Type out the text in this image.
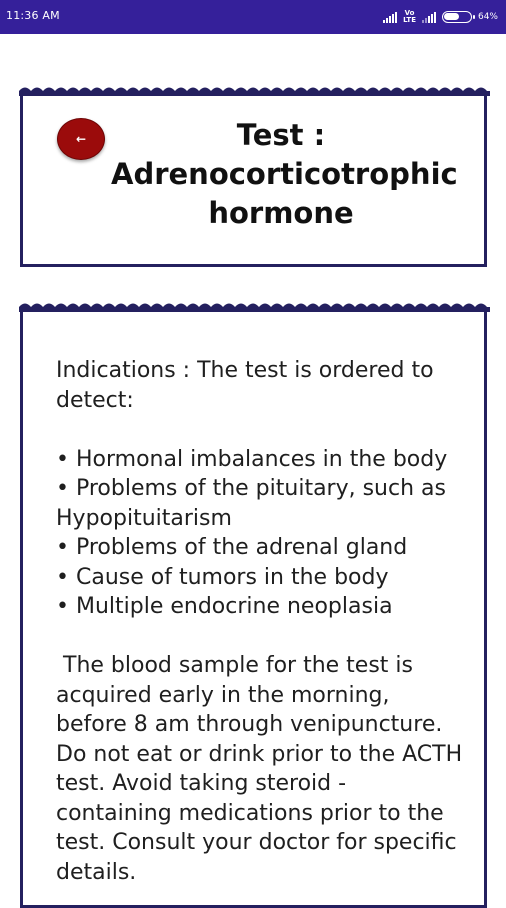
11:36 AM	Vo
LTE	64%
←	Test : Adrenocorticotrophic hormone

Indications : The test is ordered to detect:

• Hormonal imbalances in the body
• Problems of the pituitary, such as Hypopituitarism
• Problems of the adrenal gland
• Cause of tumors in the body
• Multiple endocrine neoplasia

The blood sample for the test is acquired early in the morning, before 8 am through venipuncture. Do not eat or drink prior to the ACTH test. Avoid taking steroid - containing medications prior to the test. Consult your doctor for specific details.
